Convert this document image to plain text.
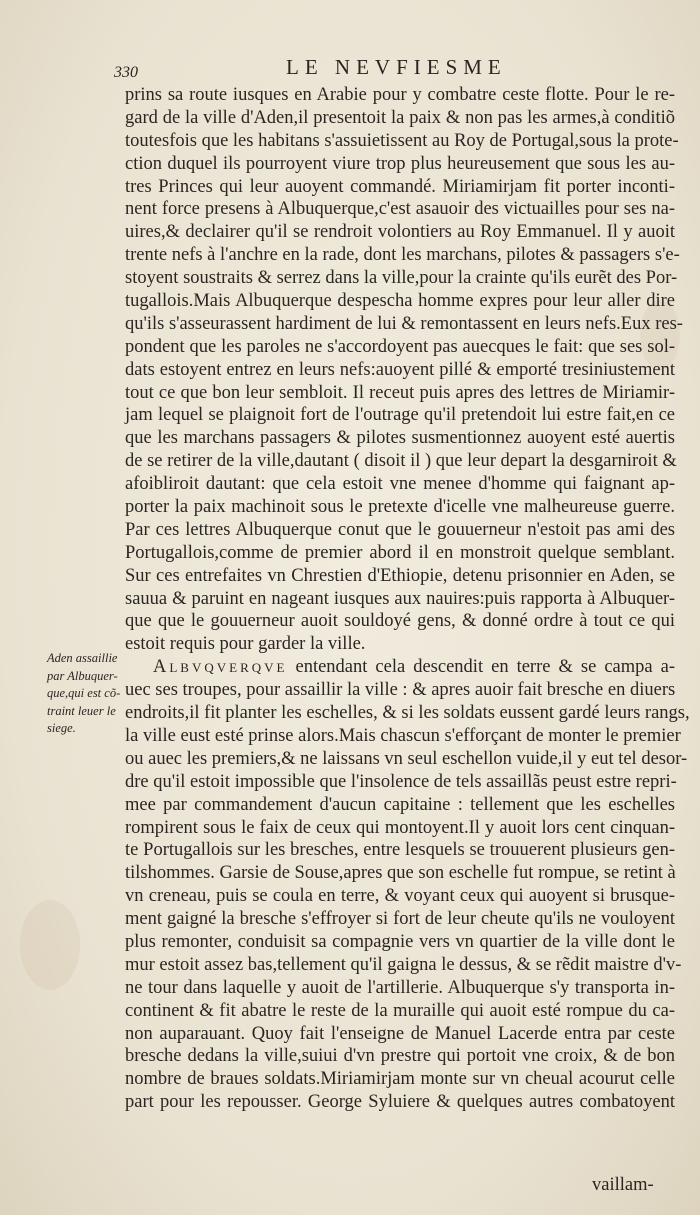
330	LE NEVFIESME
prins sa route iusques en Arabie pour y combatre ceste flotte. Pour le re-
gard de la ville d'Aden,il presentoit la paix & non pas les armes,à conditiõ
toutesfois que les habitans s'assuietissent au Roy de Portugal,sous la prote-
ction duquel ils pourroyent viure trop plus heureusement que sous les au-
tres Princes qui leur auoyent commandé. Miriamirjam fit porter inconti-
nent force presens à Albuquerque,c'est asauoir des victuailles pour ses na-
uires,& declairer qu'il se rendroit volontiers au Roy Emmanuel. Il y auoit
trente nefs à l'anchre en la rade, dont les marchans, pilotes & passagers s'e-
stoyent soustraits & serrez dans la ville,pour la crainte qu'ils eurẽt des Por-
tugallois.Mais Albuquerque despescha homme expres pour leur aller dire
qu'ils s'asseurassent hardiment de lui & remontassent en leurs nefs.Eux res-
pondent que les paroles ne s'accordoyent pas auecques le fait: que ses sol-
dats estoyent entrez en leurs nefs:auoyent pillé & emporté tresiniustement
tout ce que bon leur sembloit. Il receut puis apres des lettres de Miriamir-
jam lequel se plaignoit fort de l'outrage qu'il pretendoit lui estre fait,en ce
que les marchans passagers & pilotes susmentionnez auoyent esté auertis
de se retirer de la ville,dautant ( disoit il ) que leur depart la desgarniroit &
afoibliroit dautant: que cela estoit vne menee d'homme qui faignant ap-
porter la paix machinoit sous le pretexte d'icelle vne malheureuse guerre.
Par ces lettres Albuquerque conut que le gouuerneur n'estoit pas ami des
Portugallois,comme de premier abord il en monstroit quelque semblant.
Sur ces entrefaites vn Chrestien d'Ethiopie, detenu prisonnier en Aden, se
sauua & paruint en nageant iusques aux nauires:puis rapporta à Albuquer-
que que le gouuerneur auoit souldoyé gens, & donné ordre à tout ce qui
estoit requis pour garder la ville.
Albvqverqve entendant cela descendit en terre & se campa a-
uec ses troupes, pour assaillir la ville : & apres auoir fait bresche en diuers
endroits,il fit planter les eschelles, & si les soldats eussent gardé leurs rangs,
la ville eust esté prinse alors.Mais chascun s'efforçant de monter le premier
ou auec les premiers,& ne laissans vn seul eschellon vuide,il y eut tel desor-
dre qu'il estoit impossible que l'insolence de tels assaillãs peust estre repri-
mee par commandement d'aucun capitaine : tellement que les eschelles
rompirent sous le faix de ceux qui montoyent.Il y auoit lors cent cinquan-
te Portugallois sur les bresches, entre lesquels se trouuerent plusieurs gen-
tilshommes. Garsie de Souse,apres que son eschelle fut rompue, se retint à
vn creneau, puis se coula en terre, & voyant ceux qui auoyent si brusque-
ment gaigné la bresche s'effroyer si fort de leur cheute qu'ils ne vouloyent
plus remonter, conduisit sa compagnie vers vn quartier de la ville dont le
mur estoit assez bas,tellement qu'il gaigna le dessus, & se rẽdit maistre d'v-
ne tour dans laquelle y auoit de l'artillerie. Albuquerque s'y transporta in-
continent & fit abatre le reste de la muraille qui auoit esté rompue du ca-
non auparauant. Quoy fait l'enseigne de Manuel Lacerde entra par ceste
bresche dedans la ville,suiui d'vn prestre qui portoit vne croix, & de bon
nombre de braues soldats.Miriamirjam monte sur vn cheual acourut celle
part pour les repousser. George Syluiere & quelques autres combatoyent
Aden assaillie
par Albuquer-
que,qui est cõ-
traint leuer le
siege.
vaillam-
